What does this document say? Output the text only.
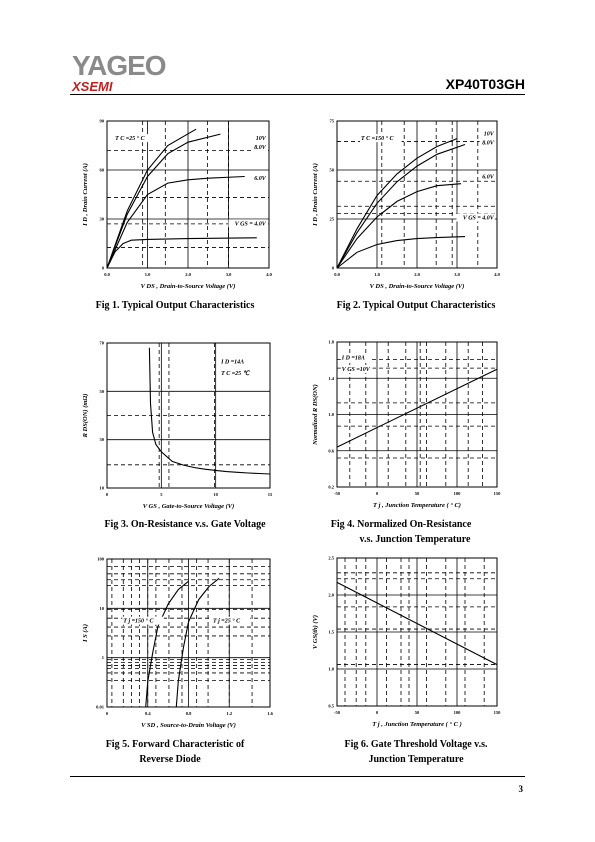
YAGEO
XSEMI	XP40T03GH
0.0	1.0	2.0	3.0	4.0
0
30
60
90
V DS , Drain-to-Source Voltage (V)
I D , Drain Current (A)
T C =25 ° C	10V
8.0V
6.0V
V GS = 4.0V
0.0	1.0	2.0	3.0	4.0
0
25
50
75
V DS , Drain-to-Source Voltage (V)
I D , Drain Current (A)
T C =150 ° C
10V
8.0V
6.0V
V GS = 4.0V
0	5	10	15
10
30
50
70
V GS , Gate-to-Source Voltage (V)
R DS(ON) (mΩ)
I D =14A
T C =25 ℃
-50	0	50	100	150
0.2
0.6
1.0
1.4
1.8
T j , Junction Temperature ( ° C)
Normalized R DS(ON)
I D =18A
V GS =10V
0	0.4	0.8	1.2	1.6
0.01
1
10
100
V SD , Source-to-Drain Voltage (V)
I S (A)
T j =150 ° C	T j =25 ° C
-50	0	50	100	150
0.5
1.0
1.5
2.0
2.5
T j , Junction Temperature ( ° C )
V GS(th) (V)
Fig 1. Typical Output Characteristics	Fig 2. Typical Output Characteristics
Fig 3. On-Resistance v.s. Gate Voltage	Fig 4. Normalized On-Resistance
v.s. Junction Temperature
Fig 5. Forward Characteristic of
Reverse Diode
Fig 6. Gate Threshold Voltage v.s.
Junction Temperature
3
